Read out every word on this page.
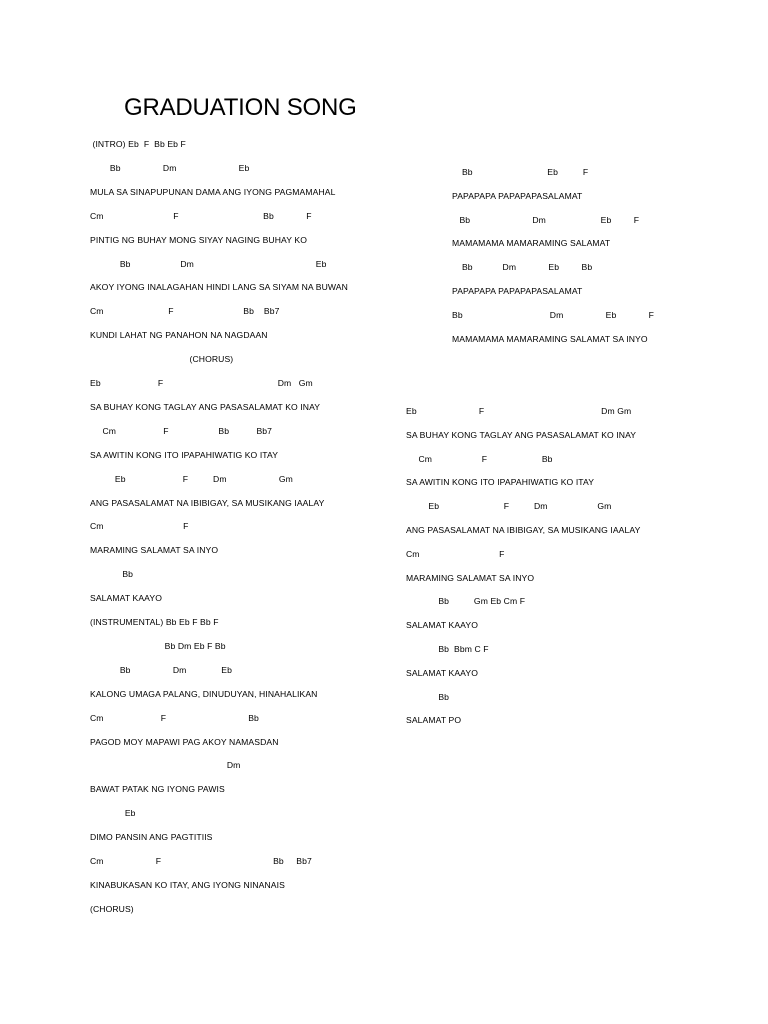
GRADUATION SONG
(INTRO) Eb  F  Bb Eb F
Bb                 Dm                         Eb
MULA SA SINAPUPUNAN DAMA ANG IYONG PAGMAMAHAL
Cm                            F                                  Bb             F
PINTIG NG BUHAY MONG SIYAY NAGING BUHAY KO
Bb                    Dm                                                 Eb
AKOY IYONG INALAGAHAN HINDI LANG SA SIYAM NA BUWAN
Cm                          F                            Bb    Bb7
KUNDI LAHAT NG PANAHON NA NAGDAAN
(CHORUS)
Eb                       F                                              Dm   Gm
SA BUHAY KONG TAGLAY ANG PASASALAMAT KO INAY
Cm                   F                    Bb           Bb7
SA AWITIN KONG ITO IPAPAHIWATIG KO ITAY
Eb                       F          Dm                     Gm
ANG PASASALAMAT NA IBIBIGAY, SA MUSIKANG IAALAY
Cm                                F
MARAMING SALAMAT SA INYO
Bb
SALAMAT KAAYO
(INSTRUMENTAL) Bb Eb F Bb F
Bb Dm Eb F Bb
Bb                 Dm              Eb
KALONG UMAGA PALANG, DINUDUYAN, HINAHALIKAN
Cm                       F                                 Bb
PAGOD MOY MAPAWI PAG AKOY NAMASDAN
Dm
BAWAT PATAK NG IYONG PAWIS
Eb
DIMO PANSIN ANG PAGTITIIS
Cm                     F                                             Bb     Bb7
KINABUKASAN KO ITAY, ANG IYONG NINANAIS
(CHORUS)
Bb                              Eb          F
PAPAPAPA PAPAPAPASALAMAT
Bb                         Dm                      Eb         F
MAMAMAMA MAMARAMING SALAMAT
Bb            Dm             Eb         Bb
PAPAPAPA PAPAPAPASALAMAT
Bb                                   Dm                 Eb             F
MAMAMAMA MAMARAMING SALAMAT SA INYO
Eb                         F                                               Dm Gm
SA BUHAY KONG TAGLAY ANG PASASALAMAT KO INAY
Cm                    F                      Bb
SA AWITIN KONG ITO IPAPAHIWATIG KO ITAY
Eb                          F          Dm                    Gm
ANG PASASALAMAT NA IBIBIGAY, SA MUSIKANG IAALAY
Cm                                F
MARAMING SALAMAT SA INYO
Bb          Gm Eb Cm F
SALAMAT KAAYO
Bb  Bbm C F
SALAMAT KAAYO
Bb
SALAMAT PO
